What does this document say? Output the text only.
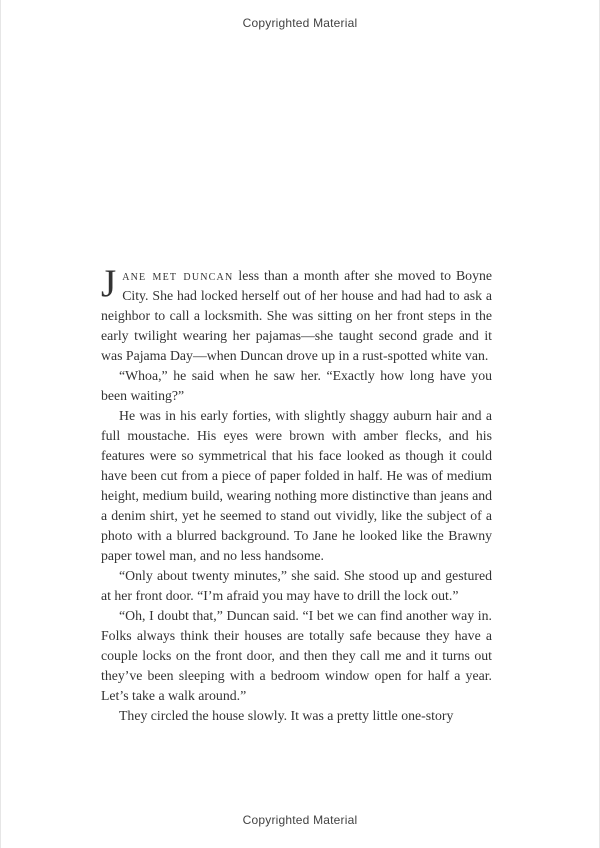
Copyrighted Material

Jane met duncan less than a month after she moved to Boyne City. She had locked herself out of her house and had had to ask a neighbor to call a locksmith. She was sitting on her front steps in the early twilight wearing her pajamas—she taught second grade and it was Pajama Day—when Duncan drove up in a rust-spotted white van.

“Whoa,” he said when he saw her. “Exactly how long have you been waiting?”

He was in his early forties, with slightly shaggy auburn hair and a full moustache. His eyes were brown with amber flecks, and his features were so symmetrical that his face looked as though it could have been cut from a piece of paper folded in half. He was of medium height, medium build, wearing nothing more distinctive than jeans and a denim shirt, yet he seemed to stand out vividly, like the subject of a photo with a blurred background. To Jane he looked like the Brawny paper towel man, and no less handsome.

“Only about twenty minutes,” she said. She stood up and gestured at her front door. “I’m afraid you may have to drill the lock out.”

“Oh, I doubt that,” Duncan said. “I bet we can find another way in. Folks always think their houses are totally safe because they have a couple locks on the front door, and then they call me and it turns out they’ve been sleeping with a bedroom window open for half a year. Let’s take a walk around.”

They circled the house slowly. It was a pretty little one-story

Copyrighted Material
